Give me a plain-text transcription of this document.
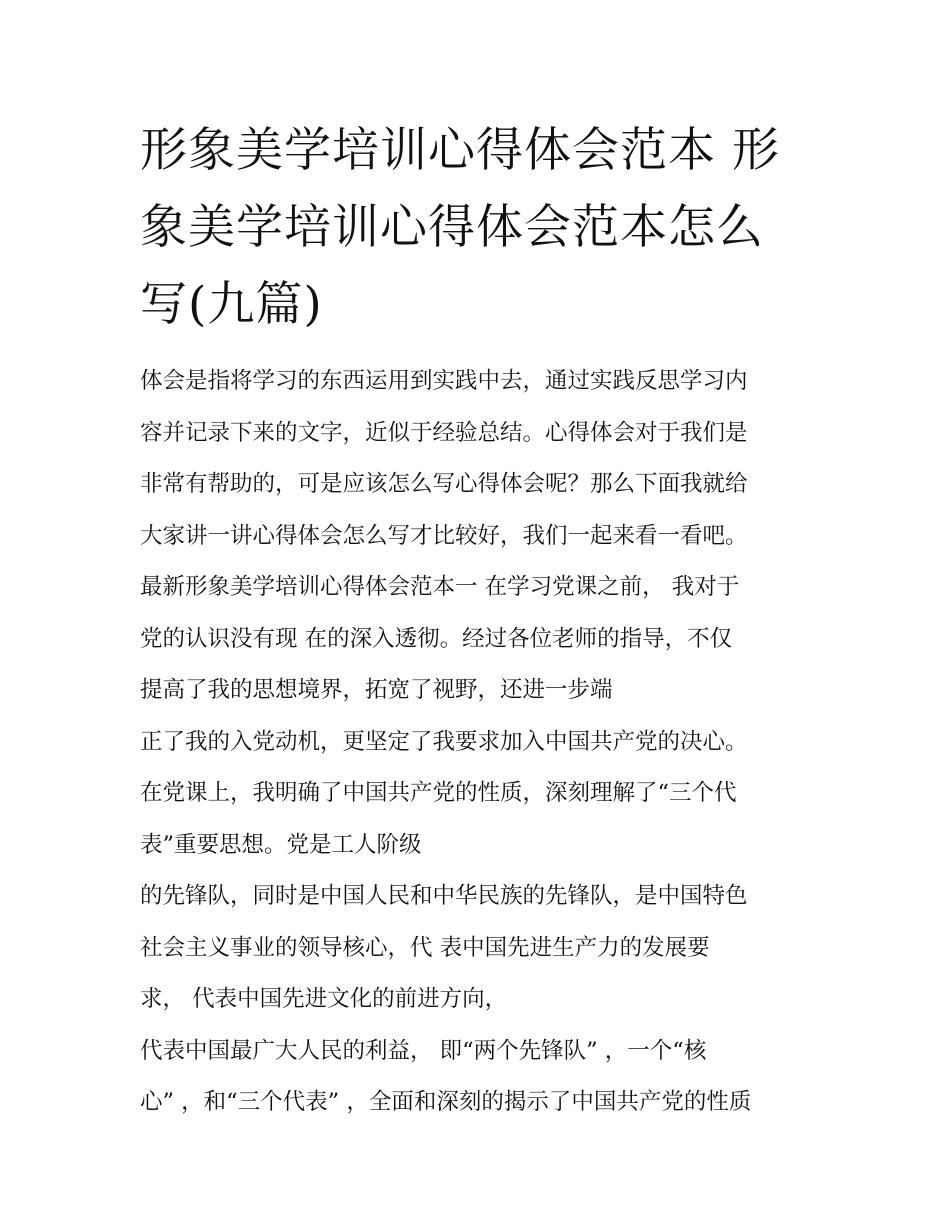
形象美学培训心得体会范本 形
象美学培训心得体会范本怎么
写(九篇)
体会是指将学习的东西运用到实践中去，通过实践反思学习内
容并记录下来的文字，近似于经验总结。心得体会对于我们是
非常有帮助的，可是应该怎么写心得体会呢？那么下面我就给
大家讲一讲心得体会怎么写才比较好，我们一起来看一看吧。
最新形象美学培训心得体会范本一 在学习党课之前， 我对于
党的认识没有现 在的深入透彻。经过各位老师的指导，不仅
提高了我的思想境界，拓宽了视野，还进一步端
正了我的入党动机，更坚定了我要求加入中国共产党的决心。
在党课上，我明确了中国共产党的性质，深刻理解了“三个代
表”重要思想。党是工人阶级
的先锋队，同时是中国人民和中华民族的先锋队，是中国特色
社会主义事业的领导核心，代 表中国先进生产力的发展要
求， 代表中国先进文化的前进方向，
代表中国最广大人民的利益， 即“两个先锋队” ，一个“核
心” ，和“三个代表” ，全面和深刻的揭示了中国共产党的性质
